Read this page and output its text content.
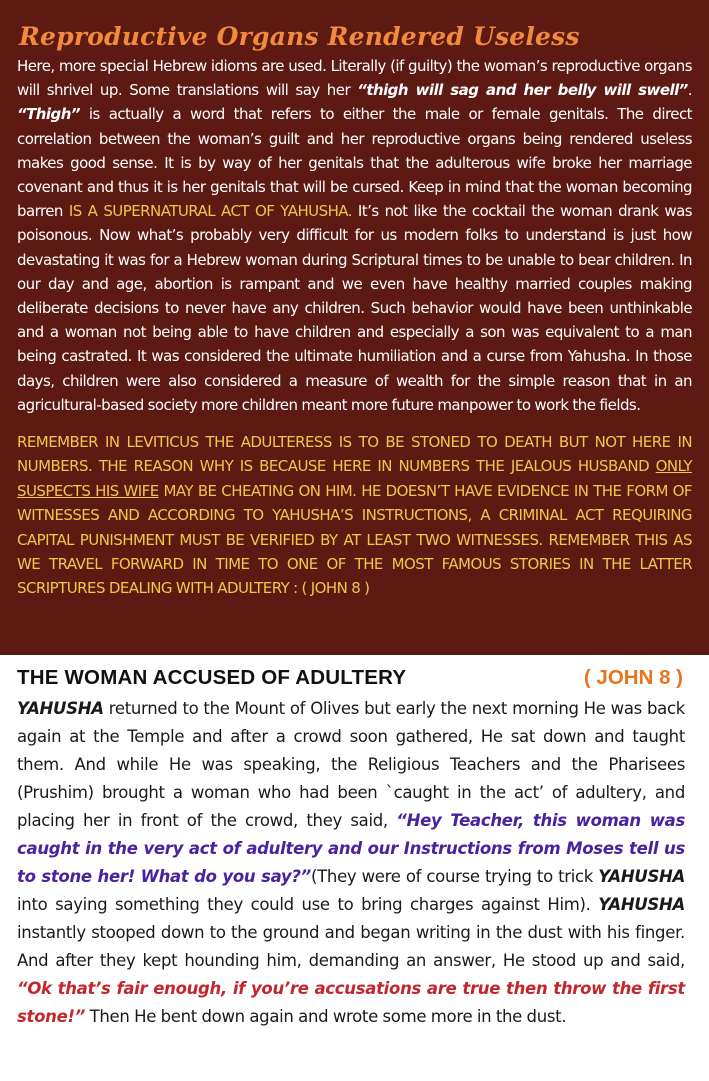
Reproductive Organs Rendered Useless

Here, more special Hebrew idioms are used. Literally (if guilty) the woman’s reproductive organs will shrivel up. Some translations will say her “thigh will sag and her belly will swell”. “Thigh” is actually a word that refers to either the male or female genitals. The direct correlation between the woman’s guilt and her reproductive organs being rendered useless makes good sense. It is by way of her genitals that the adulterous wife broke her marriage covenant and thus it is her genitals that will be cursed. Keep in mind that the woman becoming barren IS A SUPERNATURAL ACT OF YAHUSHA. It’s not like the cocktail the woman drank was poisonous. Now what’s probably very difficult for us modern folks to understand is just how devastating it was for a Hebrew woman during Scriptural times to be unable to bear children. In our day and age, abortion is rampant and we even have healthy married couples making deliberate decisions to never have any children. Such behavior would have been unthinkable and a woman not being able to have children and especially a son was equivalent to a man being castrated. It was considered the ultimate humiliation and a curse from Yahusha. In those days, children were also considered a measure of wealth for the simple reason that in an agricultural-based society more children meant more future manpower to work the fields.

REMEMBER IN LEVITICUS THE ADULTERESS IS TO BE STONED TO DEATH BUT NOT HERE IN NUMBERS. THE REASON WHY IS BECAUSE HERE IN NUMBERS THE JEALOUS HUSBAND ONLY SUSPECTS HIS WIFE MAY BE CHEATING ON HIM. HE DOESN’T HAVE EVIDENCE IN THE FORM OF WITNESSES AND ACCORDING TO YAHUSHA’S INSTRUCTIONS, A CRIMINAL ACT REQUIRING CAPITAL PUNISHMENT MUST BE VERIFIED BY AT LEAST TWO WITNESSES. REMEMBER THIS AS WE TRAVEL FORWARD IN TIME TO ONE OF THE MOST FAMOUS STORIES IN THE LATTER SCRIPTURES DEALING WITH ADULTERY : ( JOHN 8 )

THE WOMAN ACCUSED OF ADULTERY	( JOHN 8 )

YAHUSHA returned to the Mount of Olives but early the next morning He was back again at the Temple and after a crowd soon gathered, He sat down and taught them. And while He was speaking, the Religious Teachers and the Pharisees (Prushim) brought a woman who had been `caught in the act’ of adultery, and placing her in front of the crowd, they said, “Hey Teacher, this woman was caught in the very act of adultery and our Instructions from Moses tell us to stone her! What do you say?”(They were of course trying to trick YAHUSHA into saying something they could use to bring charges against Him). YAHUSHA instantly stooped down to the ground and began writing in the dust with his finger. And after they kept hounding him, demanding an answer, He stood up and said, “Ok that’s fair enough, if you’re accusations are true then throw the first stone!” Then He bent down again and wrote some more in the dust.
